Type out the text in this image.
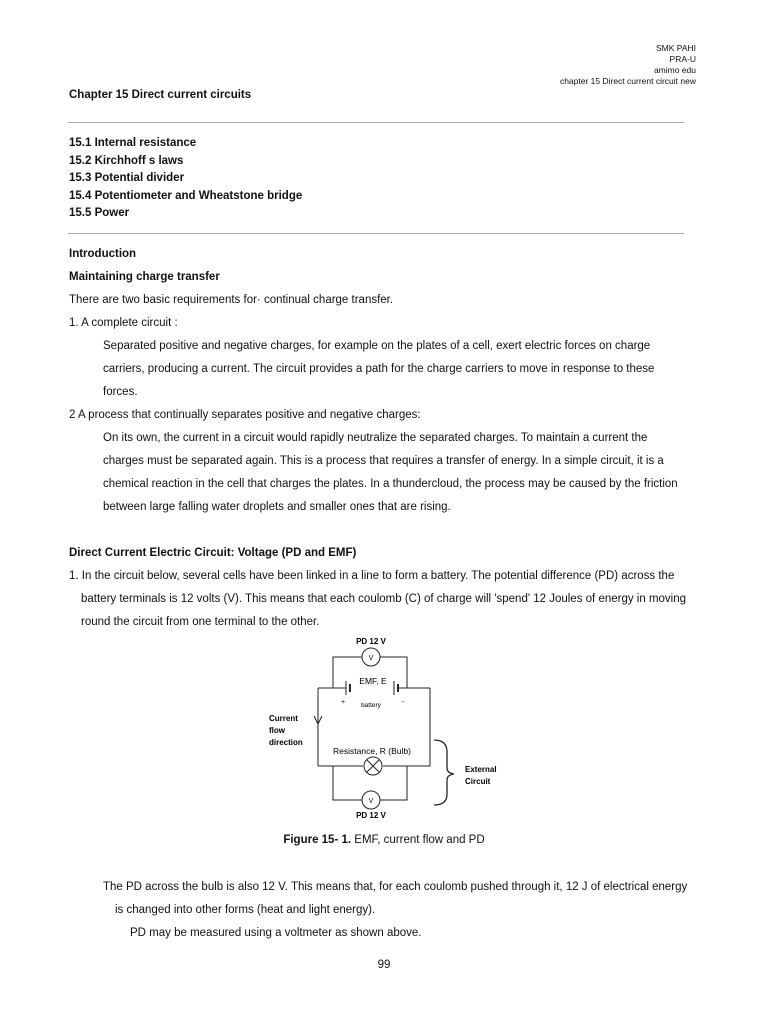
SMK PAHI
PRA-U
amimo edu
chapter 15 Direct current circuit new
Chapter 15 Direct current circuits
15.1 Internal resistance
15.2 Kirchhoff s laws
15.3 Potential divider
15.4 Potentiometer and Wheatstone bridge
15.5 Power
Introduction
Maintaining charge transfer
There are two basic requirements for· continual charge transfer.
1. A complete circuit :
Separated positive and negative charges, for example on the plates of a cell, exert electric forces on charge
carriers, producing a current. The circuit provides a path for the charge carriers to move in response to these
forces.
2 A process that continually separates positive and negative charges:
On its own, the current in a circuit would rapidly neutralize the separated charges. To maintain a current the
charges must be separated again. This is a process that requires a transfer of energy. In a simple circuit, it is a
chemical reaction in the cell that charges the plates. In a thundercloud, the process may be caused by the friction
between large falling water droplets and smaller ones that are rising.
Direct Current Electric Circuit: Voltage (PD and EMF)
1. In the circuit below, several cells have been linked in a line to form a battery. The potential difference (PD) across the
battery terminals is 12 volts (V). This means that each coulomb (C) of charge will 'spend' 12 Joules of energy in moving
round the circuit from one terminal to the other.
PD 12 V
V
EMF, E
+	-
battery
Current
flow
direction
Resistance, R (Bulb)
External
Circuit
V
PD 12 V
Figure 15- 1. EMF, current flow and PD
The PD across the bulb is also 12 V. This means that, for each coulomb pushed through it, 12 J of electrical energy
is changed into other forms (heat and light energy).
PD may be measured using a voltmeter as shown above.
99
